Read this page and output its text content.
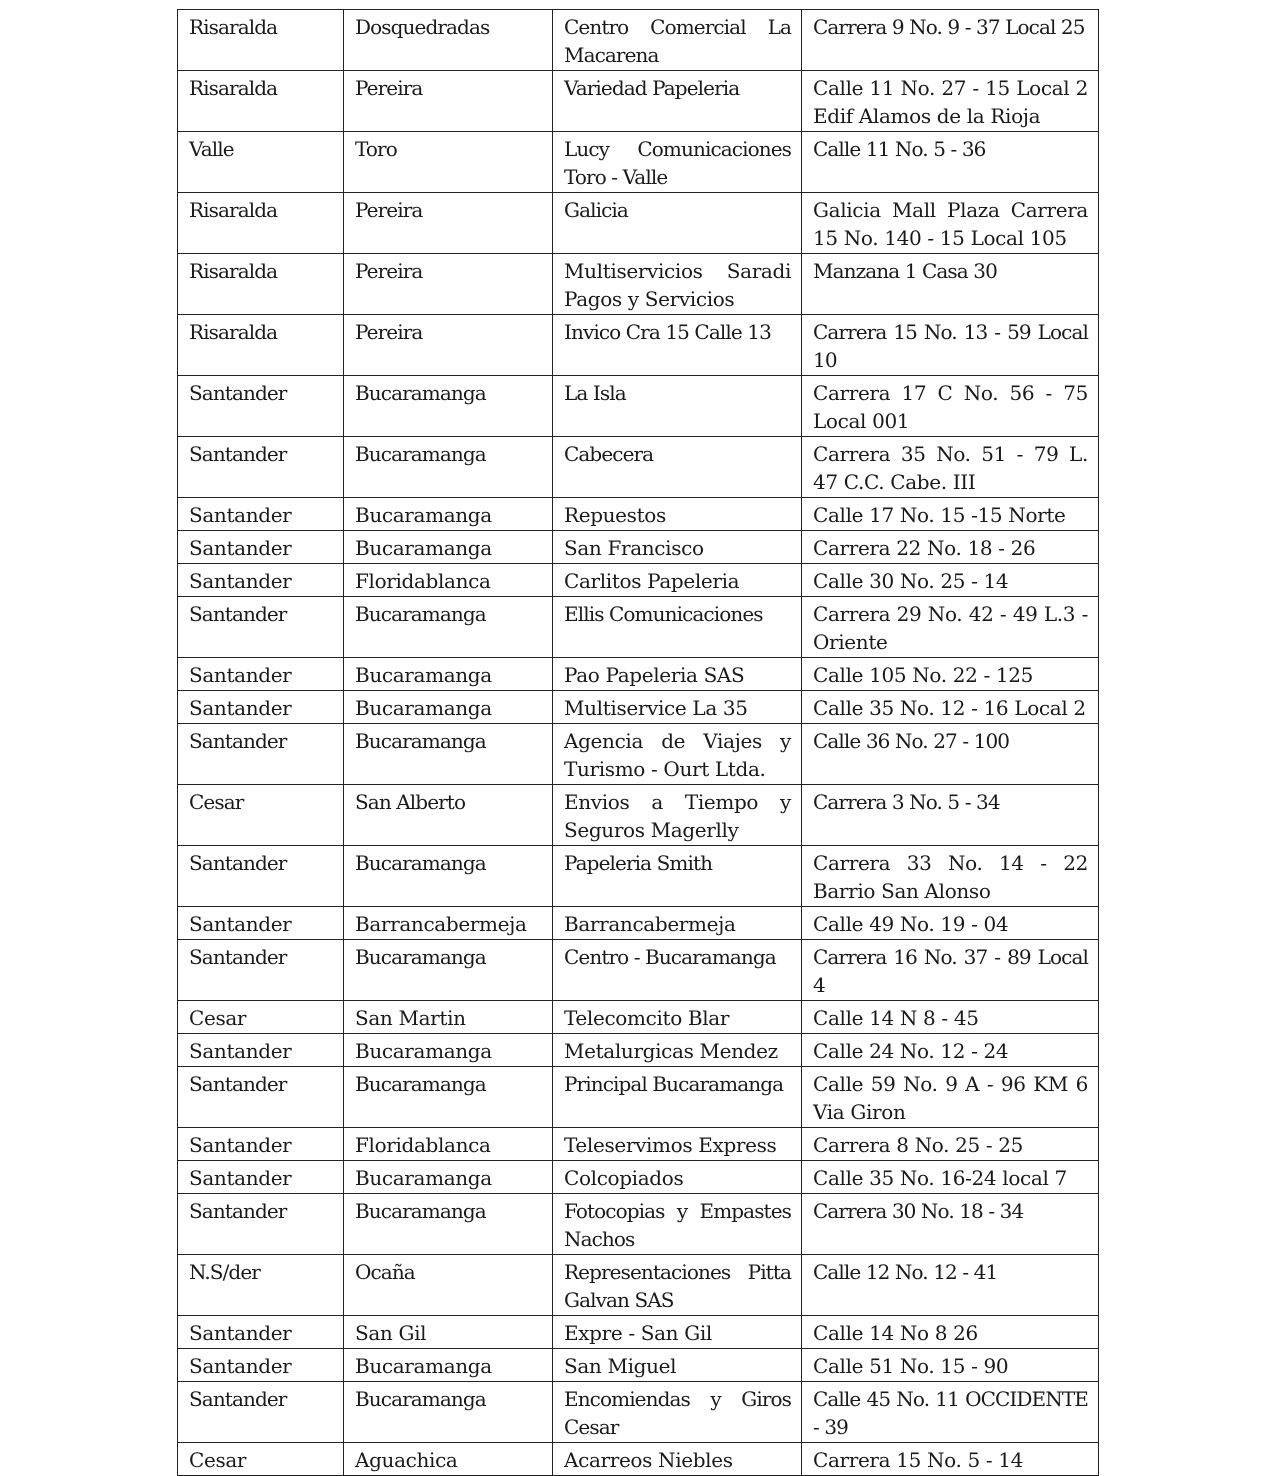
Risaralda	Dosquedradas	Centro Comercial La Macarena	Carrera 9 No. 9 - 37 Local 25
Risaralda	Pereira	Variedad Papeleria	Calle 11 No. 27 - 15 Local 2 Edif Alamos de la Rioja
Valle	Toro	Lucy Comunicaciones Toro - Valle	Calle 11 No. 5 - 36
Risaralda	Pereira	Galicia	Galicia Mall Plaza Carrera 15 No. 140 - 15 Local 105
Risaralda	Pereira	Multiservicios Saradi Pagos y Servicios	Manzana 1 Casa 30
Risaralda	Pereira	Invico Cra 15 Calle 13	Carrera 15 No. 13 - 59 Local 10
Santander	Bucaramanga	La Isla	Carrera 17 C No. 56 - 75 Local 001
Santander	Bucaramanga	Cabecera	Carrera 35 No. 51 - 79 L. 47 C.C. Cabe. III
Santander	Bucaramanga	Repuestos	Calle 17 No. 15 -15 Norte
Santander	Bucaramanga	San Francisco	Carrera 22 No. 18 - 26
Santander	Floridablanca	Carlitos Papeleria	Calle 30 No. 25 - 14
Santander	Bucaramanga	Ellis Comunicaciones	Carrera 29 No. 42 - 49 L.3 - Oriente
Santander	Bucaramanga	Pao Papeleria SAS	Calle 105 No. 22 - 125
Santander	Bucaramanga	Multiservice La 35	Calle 35 No. 12 - 16 Local 2
Santander	Bucaramanga	Agencia de Viajes y Turismo - Ourt Ltda.	Calle 36 No. 27 - 100
Cesar	San Alberto	Envios a Tiempo y Seguros Magerlly	Carrera 3 No. 5 - 34
Santander	Bucaramanga	Papeleria Smith	Carrera 33 No. 14 - 22 Barrio San Alonso
Santander	Barrancabermeja	Barrancabermeja	Calle 49 No. 19 - 04
Santander	Bucaramanga	Centro - Bucaramanga	Carrera 16 No. 37 - 89 Local 4
Cesar	San Martin	Telecomcito Blar	Calle 14 N 8 - 45
Santander	Bucaramanga	Metalurgicas Mendez	Calle 24 No. 12 - 24
Santander	Bucaramanga	Principal Bucaramanga	Calle 59 No. 9 A - 96 KM 6 Via Giron
Santander	Floridablanca	Teleservimos Express	Carrera 8 No. 25 - 25
Santander	Bucaramanga	Colcopiados	Calle 35 No. 16-24 local 7
Santander	Bucaramanga	Fotocopias y Empastes Nachos	Carrera 30 No. 18 - 34
N.S/der	Ocaña	Representaciones Pitta Galvan SAS	Calle 12 No. 12 - 41
Santander	San Gil	Expre - San Gil	Calle 14 No 8 26
Santander	Bucaramanga	San Miguel	Calle 51 No. 15 - 90
Santander	Bucaramanga	Encomiendas y Giros Cesar	Calle 45 No. 11 OCCIDENTE - 39
Cesar	Aguachica	Acarreos Niebles	Carrera 15 No. 5 - 14
